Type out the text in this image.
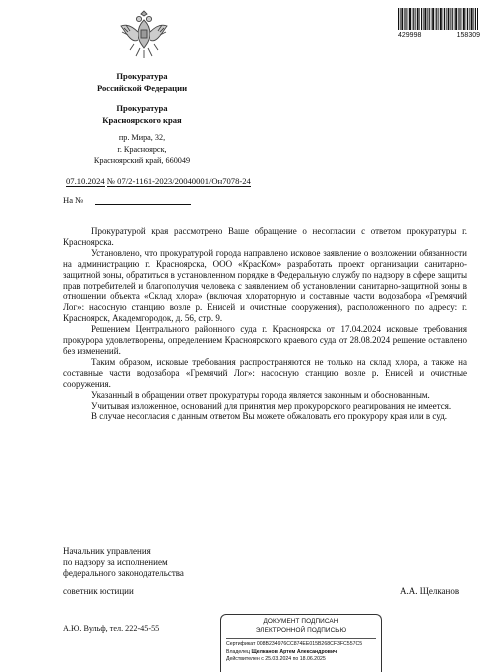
429998	158309
Прокуратура
Российской Федерации
Прокуратура
Красноярского края
пр. Мира, 32,
г. Красноярск,
Красноярский край, 660049
07.10.2024 № 07/2-1161-2023/20040001/Он7078-24
На №

Прокуратурой края рассмотрено Ваше обращение о несогласии с ответом прокуратуры г. Красноярска.

Установлено, что прокуратурой города направлено исковое заявление о возложении обязанности на администрацию г. Красноярска, ООО «КрасКом» разработать проект организации санитарно-защитной зоны, обратиться в установленном порядке в Федеральную службу по надзору в сфере защиты прав потребителей и благополучия человека с заявлением об установлении санитарно-защитной зоны в отношении объекта «Склад хлора» (включая хлораторную и составные части водозабора «Гремячий Лог»: насосную станцию возле р. Енисей и очистные сооружения), расположенного по адресу: г. Красноярск, Академгородок, д. 56, стр. 9.

Решением Центрального районного суда г. Красноярска от 17.04.2024 исковые требования прокурора удовлетворены, определением Красноярского краевого суда от 28.08.2024 решение оставлено без изменений.

Таким образом, исковые требования распространяются не только на склад хлора, а также на составные части водозабора «Гремячий Лог»: насосную станцию возле р. Енисей и очистные сооружения.

Указанный в обращении ответ прокуратуры города является законным и обоснованным.

Учитывая изложенное, оснований для принятия мер прокурорского реагирования не имеется.

В случае несогласия с данным ответом Вы можете обжаловать его прокурору края или в суд.

Начальник управления
по надзору за исполнением
федерального законодательства
советник юстиции	А.А. Щелканов
А.Ю. Вульф, тел. 222-45-55
ДОКУМЕНТ ПОДПИСАН
ЭЛЕКТРОННОЙ ПОДПИСЬЮ
Сертификат 008B234976CC874EE015B268CF3FC557C5
Владелец Щелканов Артем Александрович
Действителен с 25.03.2024 по 18.06.2025
